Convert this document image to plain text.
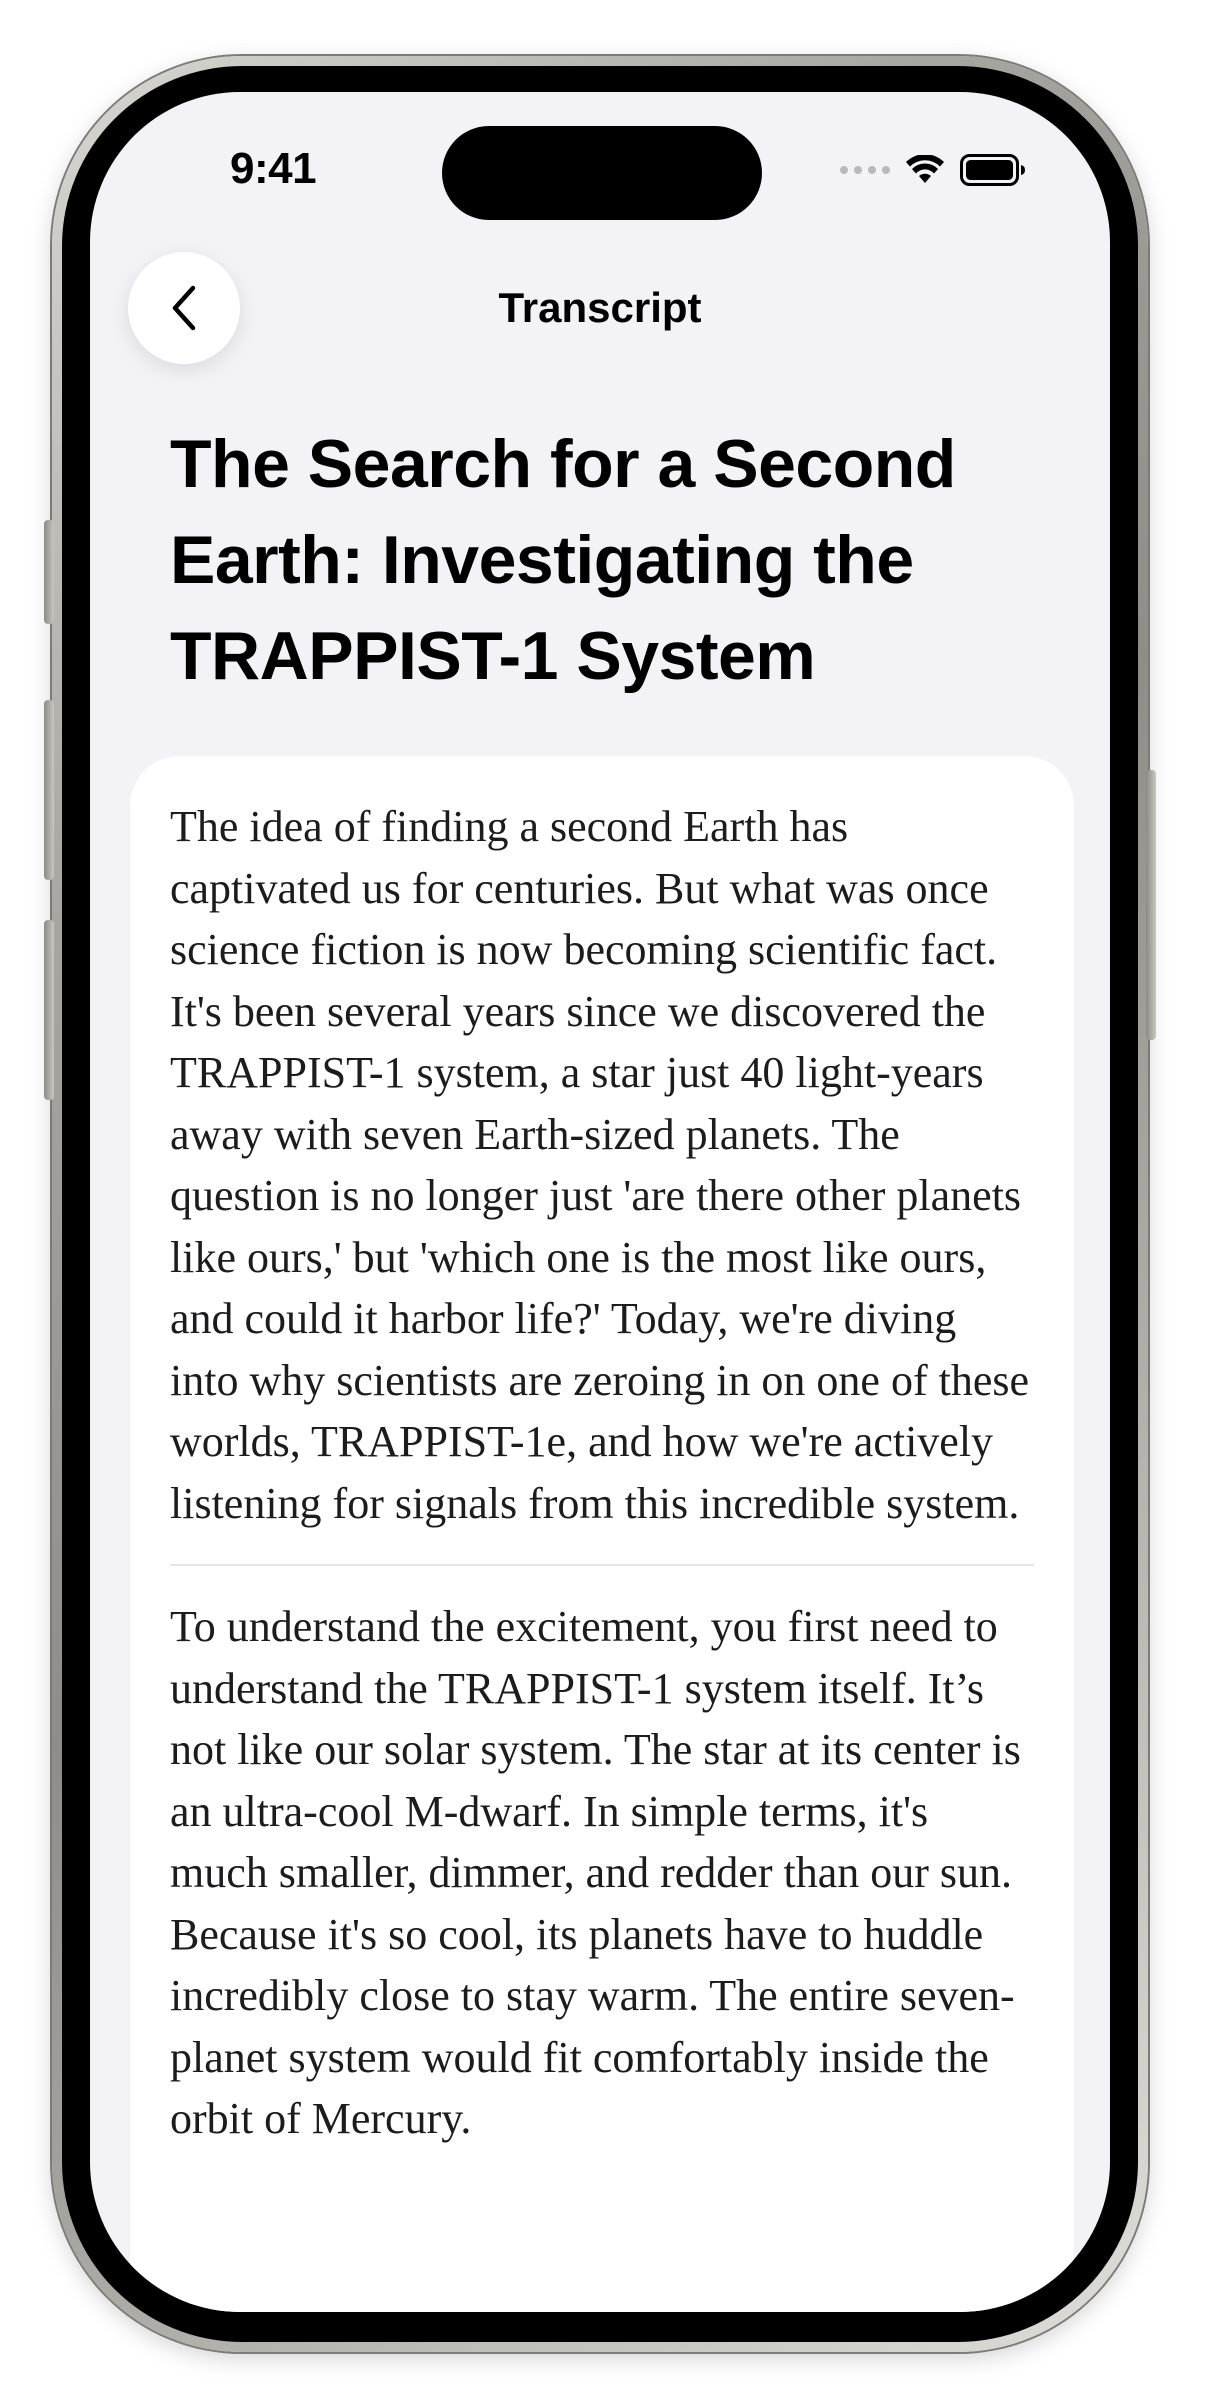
9:41
Transcript
The Search for a Second Earth: Investigating the TRAPPIST-1 System

The idea of finding a second Earth has captivated us for centuries. But what was once science fiction is now becoming scientific fact. It's been several years since we discovered the TRAPPIST-1 system, a star just 40 light-years away with seven Earth-sized planets. The question is no longer just 'are there other planets like ours,' but 'which one is the most like ours, and could it harbor life?' Today, we're diving into why scientists are zeroing in on one of these worlds, TRAPPIST-1e, and how we're actively listening for signals from this incredible system.

To understand the excitement, you first need to understand the TRAPPIST-1 system itself. It’s not like our solar system. The star at its center is an ultra-cool M-dwarf. In simple terms, it's much smaller, dimmer, and redder than our sun. Because it's so cool, its planets have to huddle incredibly close to stay warm. The entire seven-planet system would fit comfortably inside the orbit of Mercury.
